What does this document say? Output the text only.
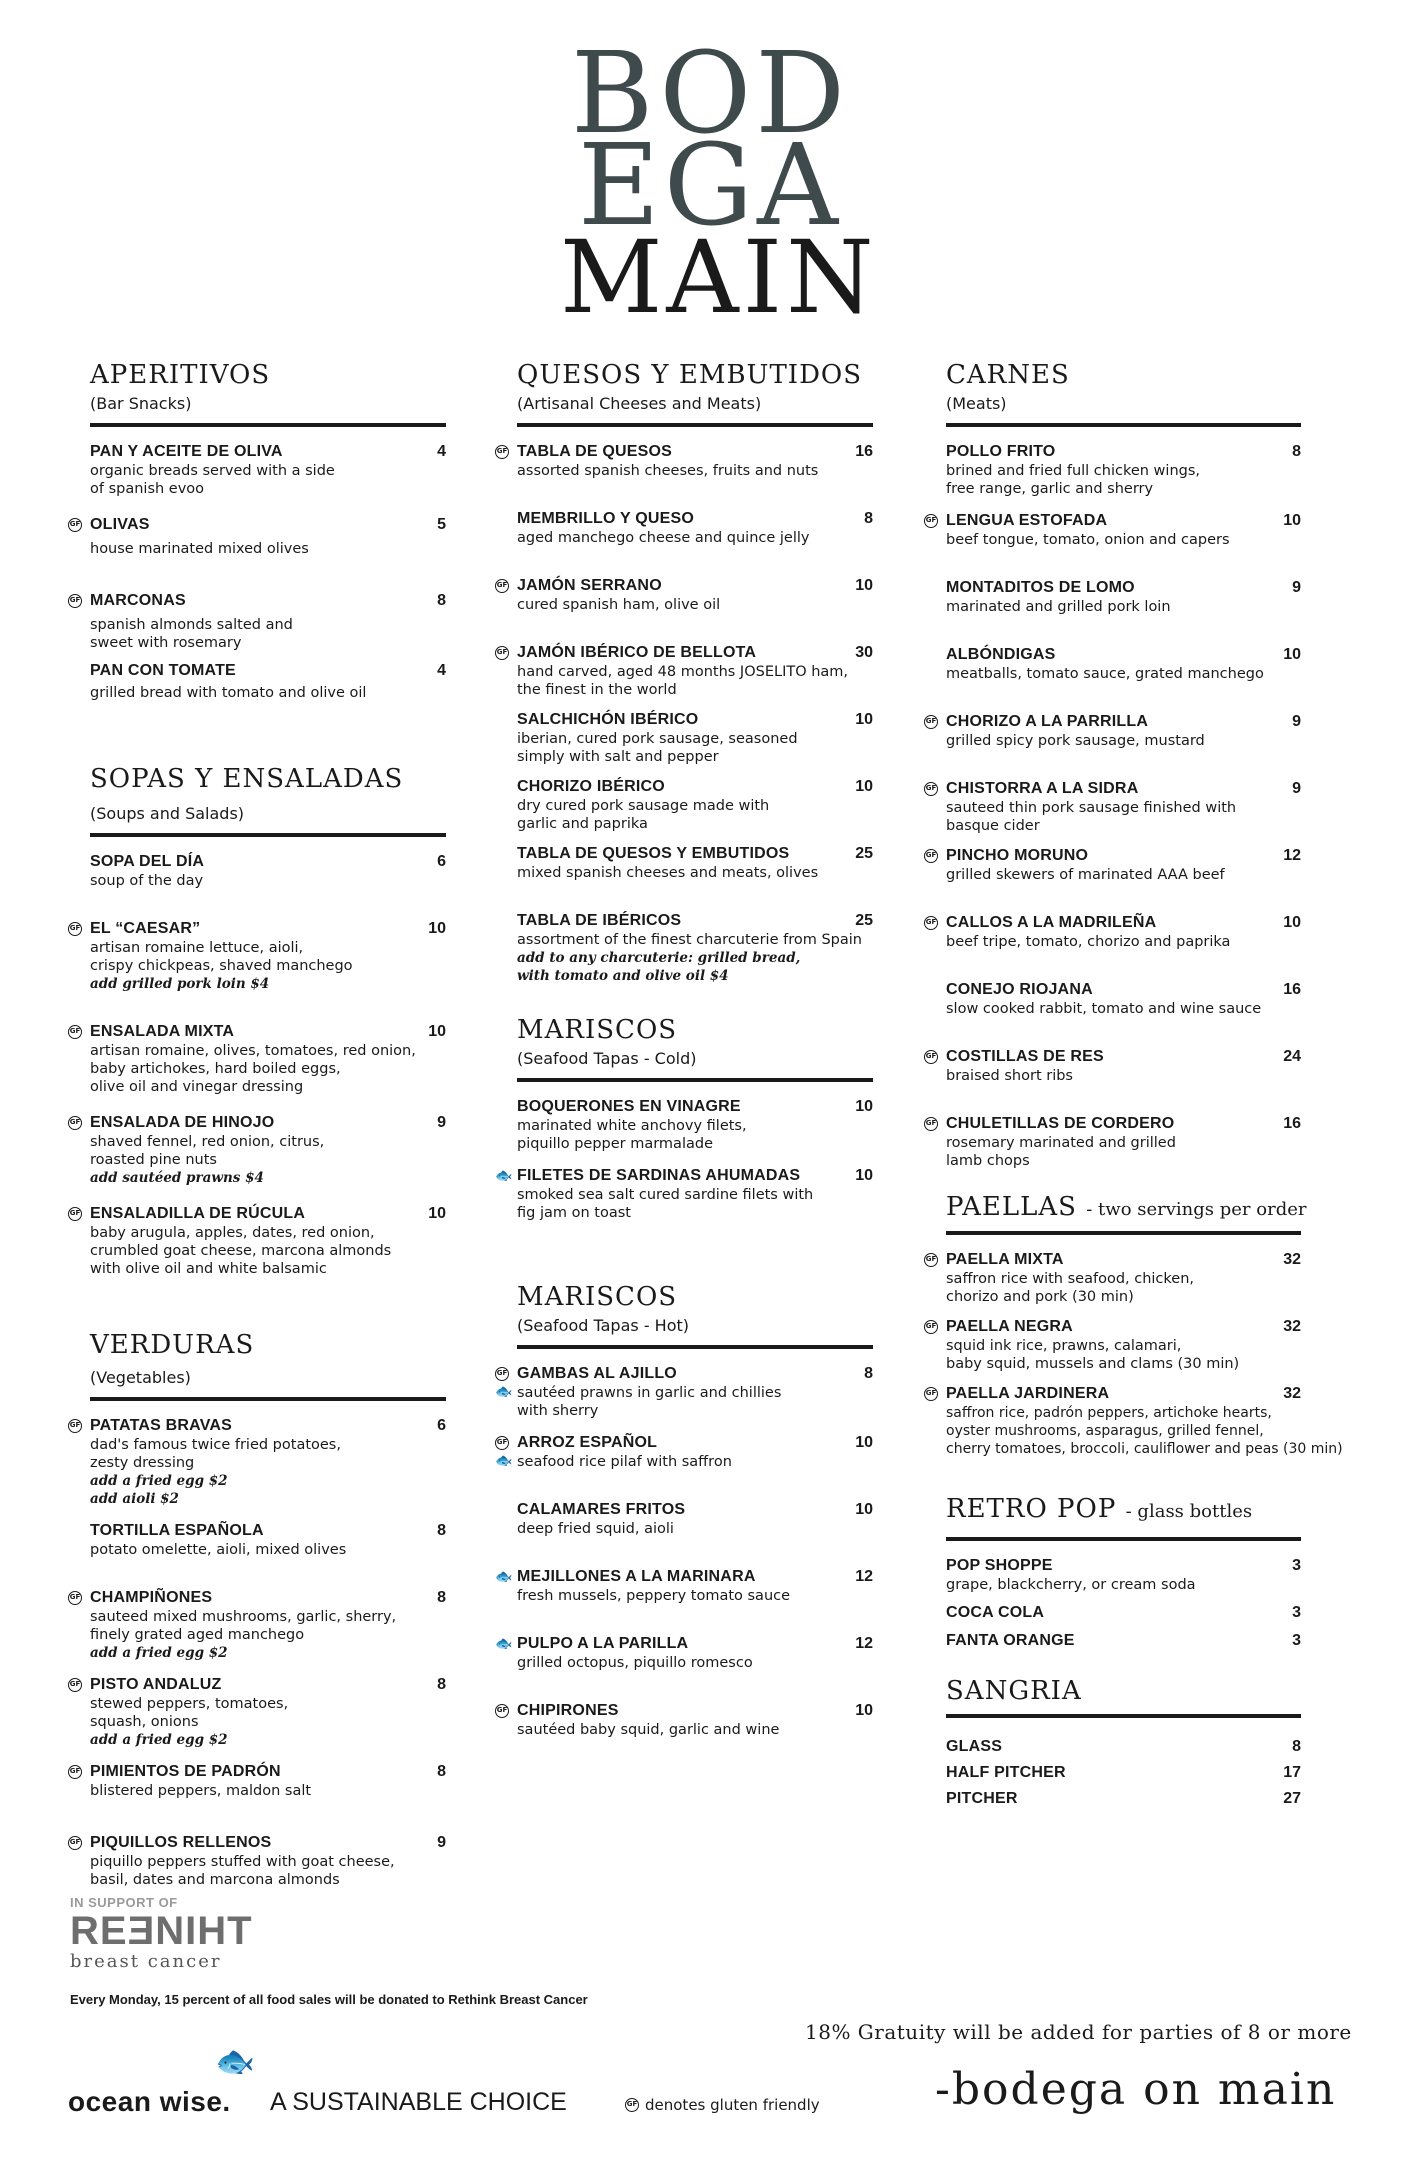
BOD
EGA
MAIN
APERITIVOS
(Bar Snacks)
PAN Y ACEITE DE OLIVA	4
organic breads served with a side
of spanish evoo
GF OLIVAS	5
house marinated mixed olives
GF MARCONAS	8
spanish almonds salted and
sweet with rosemary
PAN CON TOMATE	4
grilled bread with tomato and olive oil
SOPAS Y ENSALADAS
(Soups and Salads)
SOPA DEL DÍA	6
soup of the day
GF EL “CAESAR”	10
artisan romaine lettuce, aioli,
crispy chickpeas, shaved manchego
add grilled pork loin $4
GF ENSALADA MIXTA	10
artisan romaine, olives, tomatoes, red onion,
baby artichokes, hard boiled eggs,
olive oil and vinegar dressing
GF ENSALADA DE HINOJO	9
shaved fennel, red onion, citrus,
roasted pine nuts
add sautéed prawns $4
GF ENSALADILLA DE RÚCULA	10
baby arugula, apples, dates, red onion,
crumbled goat cheese, marcona almonds
with olive oil and white balsamic
VERDURAS
(Vegetables)
GF PATATAS BRAVAS	6
dad's famous twice fried potatoes,
zesty dressing
add a fried egg $2
add aioli $2
TORTILLA ESPAÑOLA	8
potato omelette, aioli, mixed olives
GF CHAMPIÑONES	8
sauteed mixed mushrooms, garlic, sherry,
finely grated aged manchego
add a fried egg $2
GF PISTO ANDALUZ	8
stewed peppers, tomatoes,
squash, onions
add a fried egg $2
GF PIMIENTOS DE PADRÓN	8
blistered peppers, maldon salt
GF PIQUILLOS RELLENOS	9
piquillo peppers stuffed with goat cheese,
basil, dates and marcona almonds
QUESOS Y EMBUTIDOS
(Artisanal Cheeses and Meats)
GF TABLA DE QUESOS	16
assorted spanish cheeses, fruits and nuts
MEMBRILLO Y QUESO	8
aged manchego cheese and quince jelly
GF JAMÓN SERRANO	10
cured spanish ham, olive oil
GF JAMÓN IBÉRICO DE BELLOTA	30
hand carved, aged 48 months JOSELITO ham,
the finest in the world
SALCHICHÓN IBÉRICO	10
iberian, cured pork sausage, seasoned
simply with salt and pepper
CHORIZO IBÉRICO	10
dry cured pork sausage made with
garlic and paprika
TABLA DE QUESOS Y EMBUTIDOS	25
mixed spanish cheeses and meats, olives
TABLA DE IBÉRICOS	25
assortment of the finest charcuterie from Spain
add to any charcuterie: grilled bread,
with tomato and olive oil $4
MARISCOS
(Seafood Tapas - Cold)
BOQUERONES EN VINAGRE	10
marinated white anchovy filets,
piquillo pepper marmalade
🐟 FILETES DE SARDINAS AHUMADAS	10
smoked sea salt cured sardine filets with
fig jam on toast
MARISCOS
(Seafood Tapas - Hot)
GF
🐟
GAMBAS AL AJILLO	8
sautéed prawns in garlic and chillies
with sherry
GF
🐟
ARROZ ESPAÑOL	10
seafood rice pilaf with saffron
CALAMARES FRITOS	10
deep fried squid, aioli
🐟 MEJILLONES A LA MARINARA	12
fresh mussels, peppery tomato sauce
🐟 PULPO A LA PARILLA	12
grilled octopus, piquillo romesco
GF CHIPIRONES	10
sautéed baby squid, garlic and wine
CARNES
(Meats)
POLLO FRITO	8
brined and fried full chicken wings,
free range, garlic and sherry
GF LENGUA ESTOFADA	10
beef tongue, tomato, onion and capers
MONTADITOS DE LOMO	9
marinated and grilled pork loin
ALBÓNDIGAS	10
meatballs, tomato sauce, grated manchego
GF CHORIZO A LA PARRILLA	9
grilled spicy pork sausage, mustard
GF CHISTORRA A LA SIDRA	9
sauteed thin pork sausage finished with
basque cider
GF PINCHO MORUNO	12
grilled skewers of marinated AAA beef
GF CALLOS A LA MADRILEÑA	10
beef tripe, tomato, chorizo and paprika
CONEJO RIOJANA	16
slow cooked rabbit, tomato and wine sauce
GF COSTILLAS DE RES	24
braised short ribs
GF CHULETILLAS DE CORDERO	16
rosemary marinated and grilled
lamb chops
PAELLAS - two servings per order
GF PAELLA MIXTA	32
saffron rice with seafood, chicken,
chorizo and pork (30 min)
GF PAELLA NEGRA	32
squid ink rice, prawns, calamari,
baby squid, mussels and clams (30 min)
GF PAELLA JARDINERA	32
saffron rice, padrón peppers, artichoke hearts,
oyster mushrooms, asparagus, grilled fennel,
cherry tomatoes, broccoli, cauliflower and peas (30 min)
RETRO POP - glass bottles
POP SHOPPE	3
grape, blackcherry, or cream soda
COCA COLA	3
FANTA ORANGE	3
SANGRIA
GLASS	8
HALF PITCHER	17
PITCHER	27
IN SUPPORT OF
REƎNIHT
breast cancer
Every Monday, 15 percent of all food sales will be donated to Rethink Breast Cancer
18% Gratuity will be added for parties of 8 or more
🐟
ocean wise. A SUSTAINABLE CHOICE	GF denotes gluten friendly	-bodega on main
